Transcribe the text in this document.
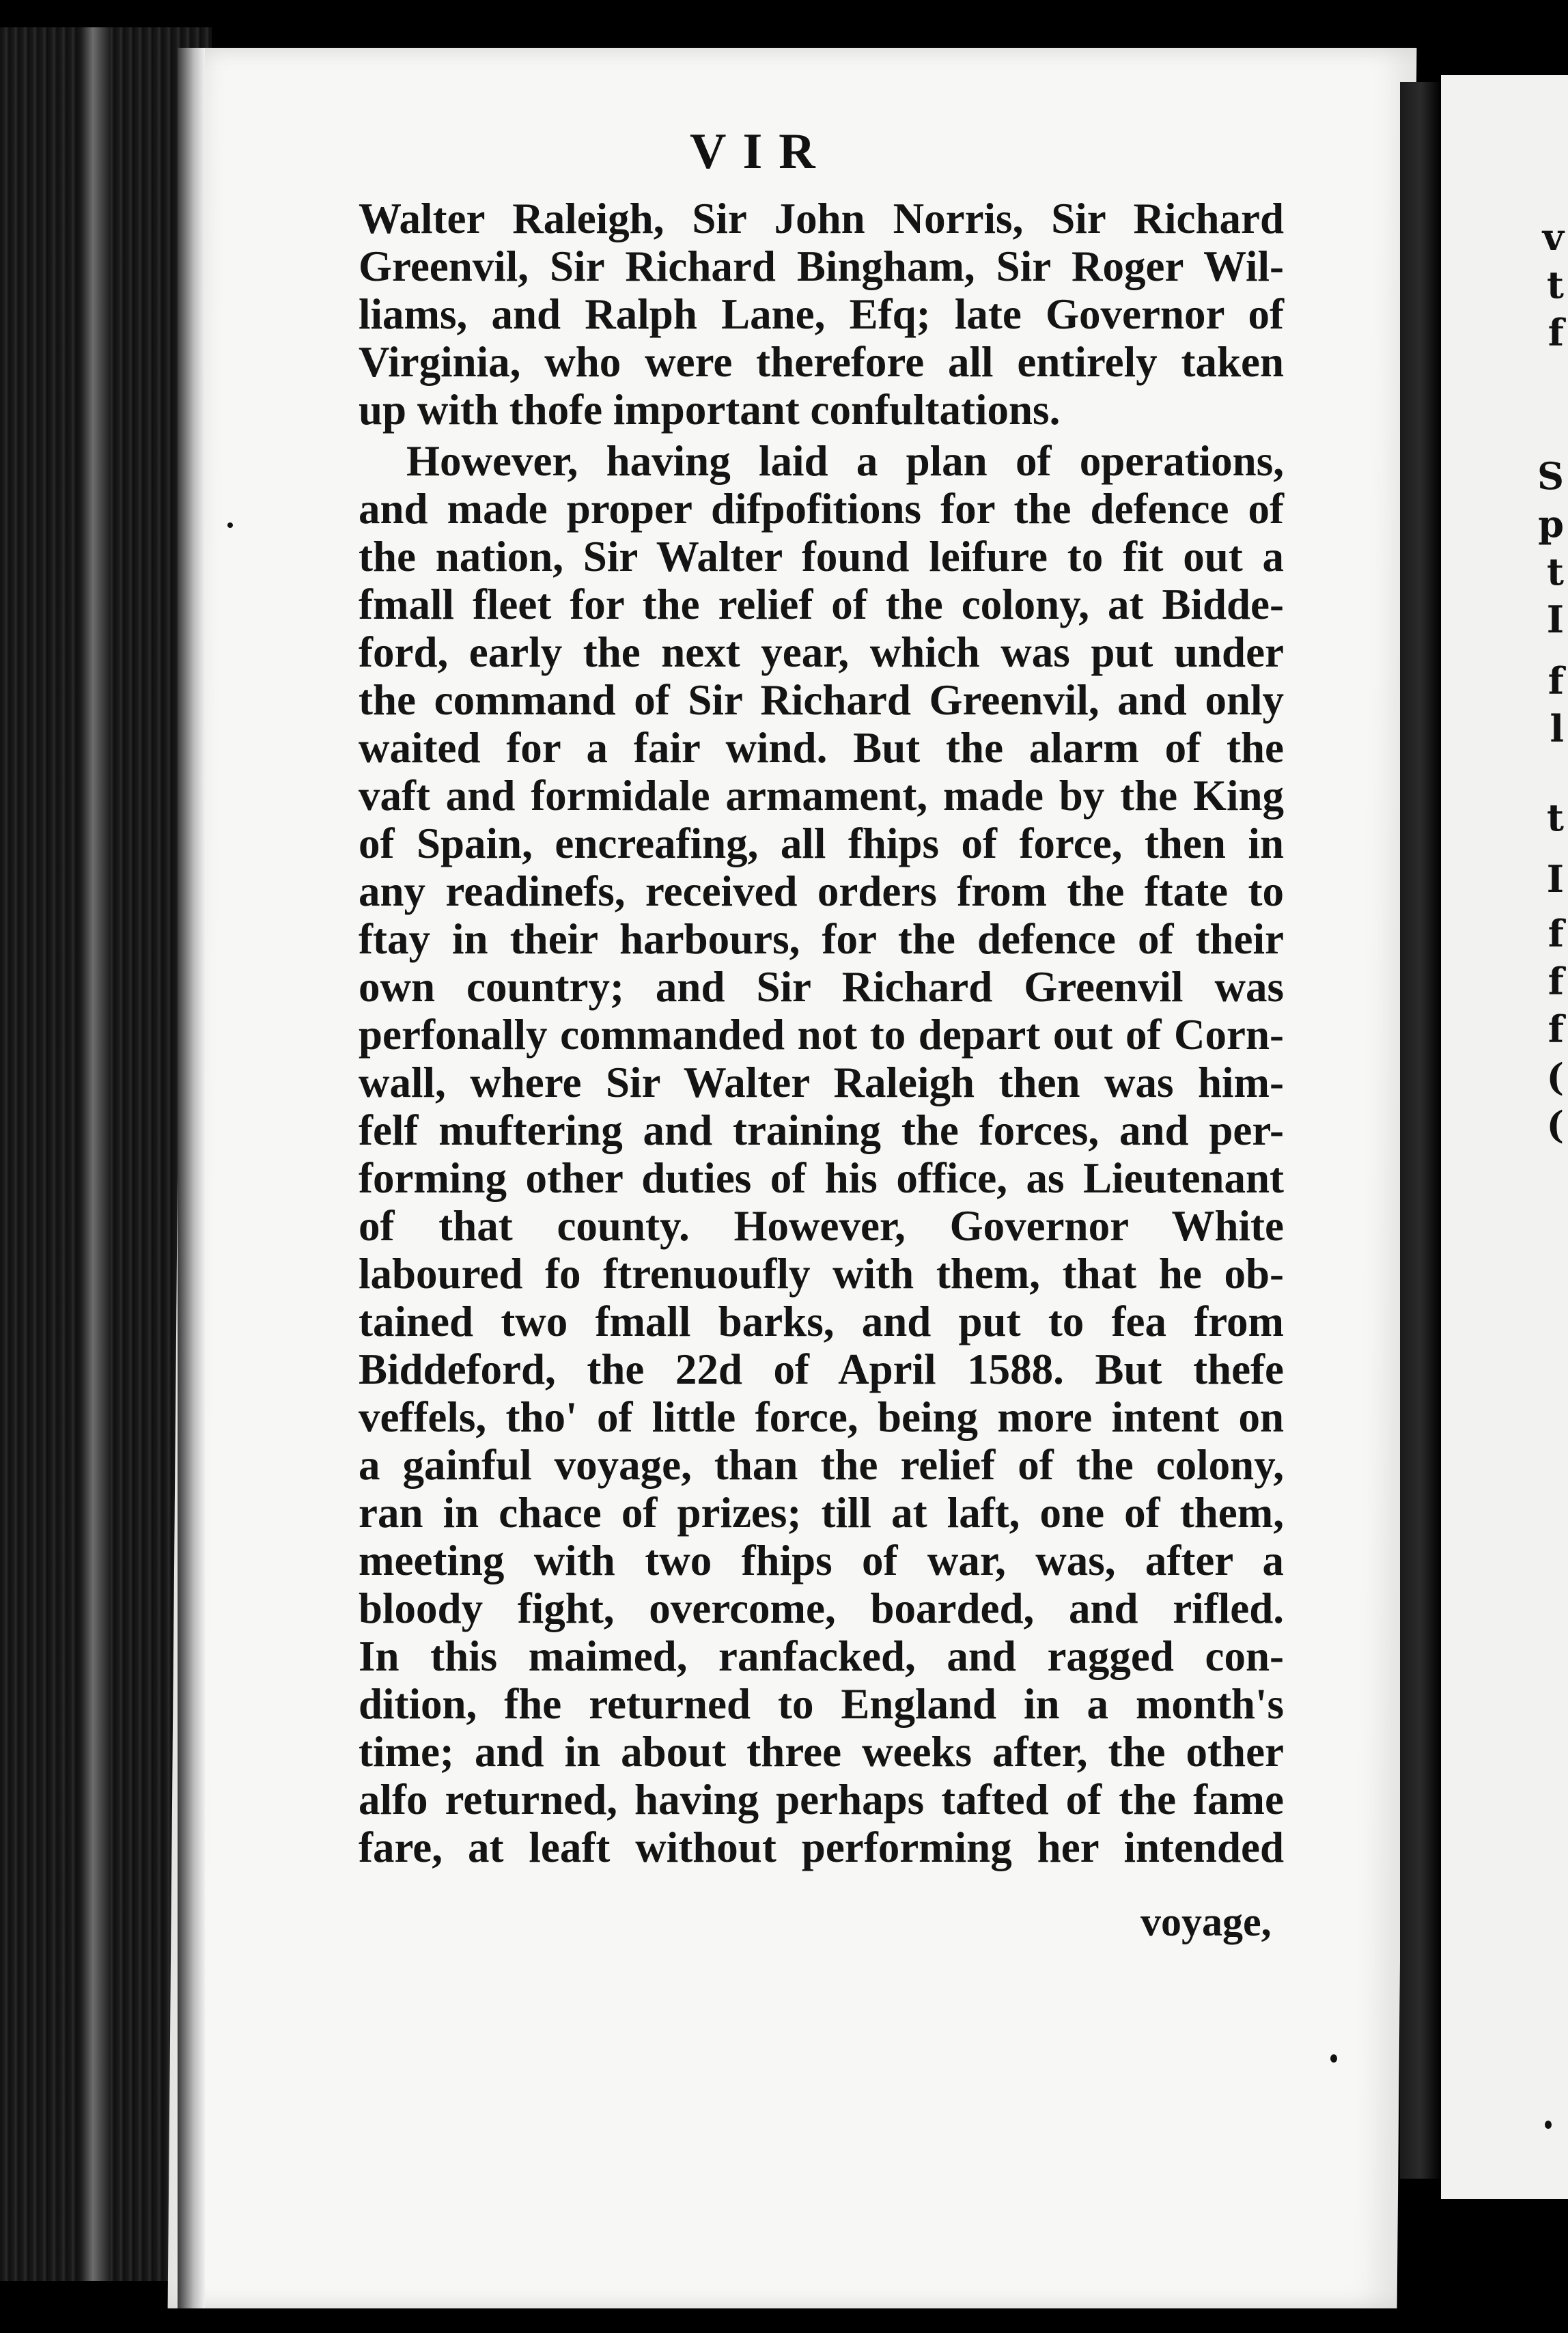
v
t
f
S
p
t
I
f
l
t
I
f
f
f
(
(
VIR
Walter Raleigh, Sir John Norris, Sir Richard
Greenvil, Sir Richard Bingham, Sir Roger Wil-
liams, and Ralph Lane, Efq; late Governor of
Virginia, who were therefore all entirely taken
up with thofe important confultations.
However, having laid a plan of operations,
and made proper difpofitions for the defence of
the nation, Sir Walter found leifure to fit out a
fmall fleet for the relief of the colony, at Bidde-
ford, early the next year, which was put under
the command of Sir Richard Greenvil, and only
waited for a fair wind. But the alarm of the
vaft and formidale armament, made by the King
of Spain, encreafing, all fhips of force, then in
any readinefs, received orders from the ftate to
ftay in their harbours, for the defence of their
own country; and Sir Richard Greenvil was
perfonally commanded not to depart out of Corn-
wall, where Sir Walter Raleigh then was him-
felf muftering and training the forces, and per-
forming other duties of his office, as Lieutenant
of that county. However, Governor White
laboured fo ftrenuoufly with them, that he ob-
tained two fmall barks, and put to fea from
Biddeford, the 22d of April 1588. But thefe
veffels, tho' of little force, being more intent on
a gainful voyage, than the relief of the colony,
ran in chace of prizes; till at laft, one of them,
meeting with two fhips of war, was, after a
bloody fight, overcome, boarded, and rifled.
In this maimed, ranfacked, and ragged con-
dition, fhe returned to England in a month's
time; and in about three weeks after, the other
alfo returned, having perhaps tafted of the fame
fare, at leaft without performing her intended
voyage,
